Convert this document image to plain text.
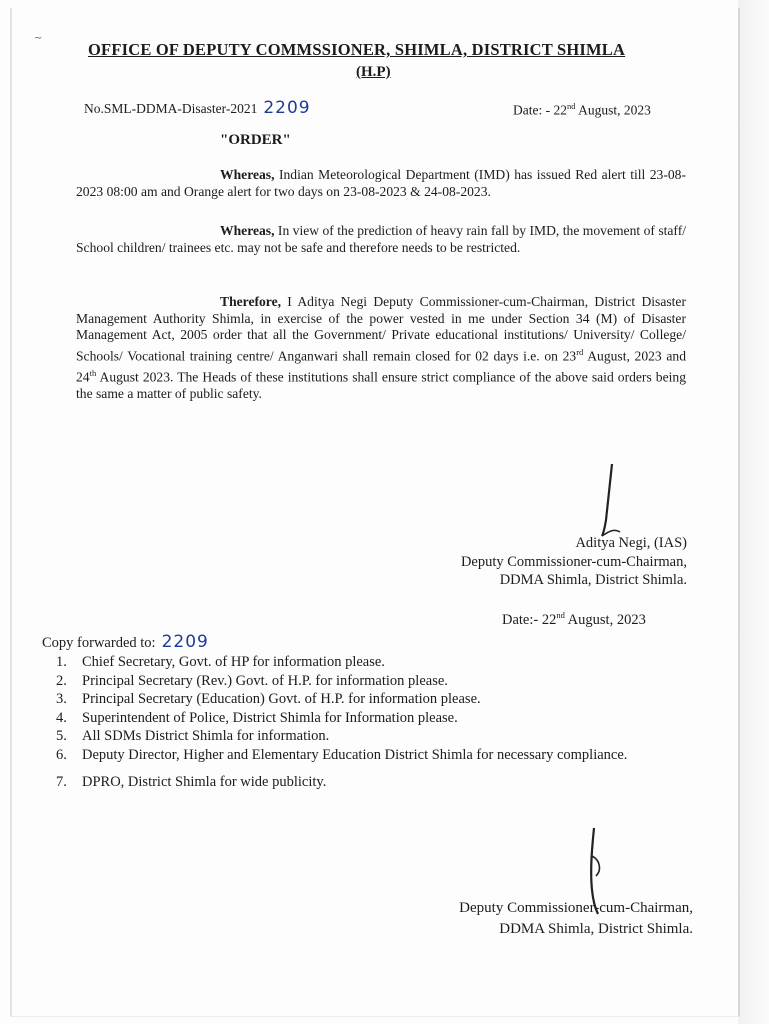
~
OFFICE OF DEPUTY COMMSSIONER, SHIMLA, DISTRICT SHIMLA
(H.P)
No.SML-DDMA-Disaster-2021 2209	Date: - 22nd August, 2023
"ORDER"
Whereas, Indian Meteorological Department (IMD) has issued Red alert till 23-08-2023 08:00 am and Orange alert for two days on 23-08-2023 & 24-08-2023.
Whereas, In view of the prediction of heavy rain fall by IMD, the movement of staff/ School children/ trainees etc. may not be safe and therefore needs to be restricted.
Therefore, I Aditya Negi Deputy Commissioner-cum-Chairman, District Disaster Management Authority Shimla, in exercise of the power vested in me under Section 34 (M) of Disaster Management Act, 2005 order that all the Government/ Private educational institutions/ University/ College/ Schools/ Vocational training centre/ Anganwari shall remain closed for 02 days i.e. on 23rd August, 2023 and 24th August 2023. The Heads of these institutions shall ensure strict compliance of the above said orders being the same a matter of public safety.
Aditya Negi, (IAS)
Deputy Commissioner-cum-Chairman,
DDMA Shimla, District Shimla.
Date:- 22nd August, 2023
Copy forwarded to: 2209
1.	Chief Secretary, Govt. of HP for information please.
2.	Principal Secretary (Rev.) Govt. of H.P. for information please.
3.	Principal Secretary (Education) Govt. of H.P. for information please.
4.	Superintendent of Police, District Shimla for Information please.
5.	All SDMs District Shimla for information.
6.	Deputy Director, Higher and Elementary Education District Shimla for necessary compliance.
7.	DPRO, District Shimla for wide publicity.
Deputy Commissioner-cum-Chairman,
DDMA Shimla, District Shimla.
